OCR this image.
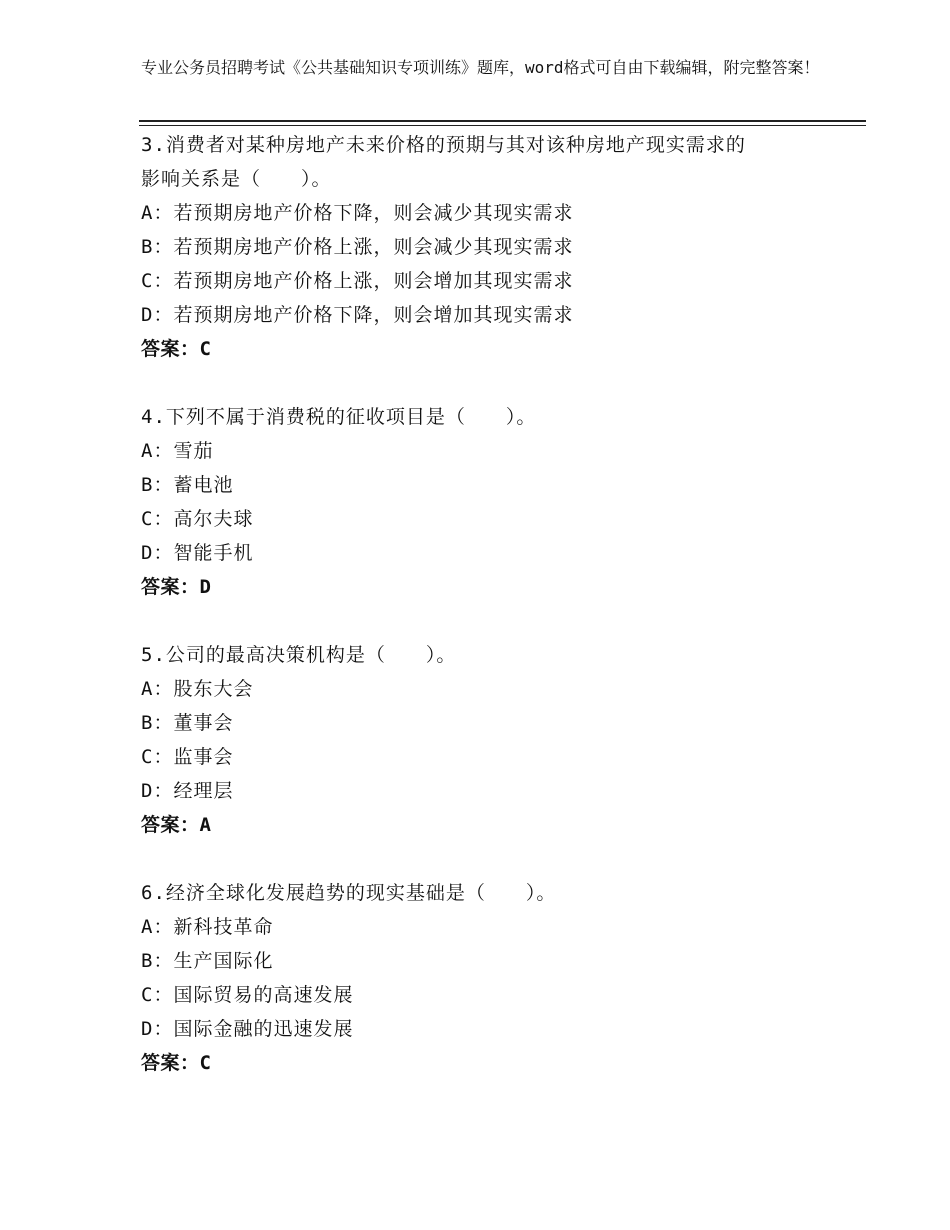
专业公务员招聘考试《公共基础知识专项训练》题库，word格式可自由下载编辑，附完整答案！
3.消费者对某种房地产未来价格的预期与其对该种房地产现实需求的
影响关系是（　　）。
A：若预期房地产价格下降，则会减少其现实需求
B：若预期房地产价格上涨，则会减少其现实需求
C：若预期房地产价格上涨，则会增加其现实需求
D：若预期房地产价格下降，则会增加其现实需求
答案：C
4.下列不属于消费税的征收项目是（　　）。
A：雪茄
B：蓄电池
C：高尔夫球
D：智能手机
答案：D
5.公司的最高决策机构是（　　）。
A：股东大会
B：董事会
C：监事会
D：经理层
答案：A
6.经济全球化发展趋势的现实基础是（　　）。
A：新科技革命
B：生产国际化
C：国际贸易的高速发展
D：国际金融的迅速发展
答案：C
